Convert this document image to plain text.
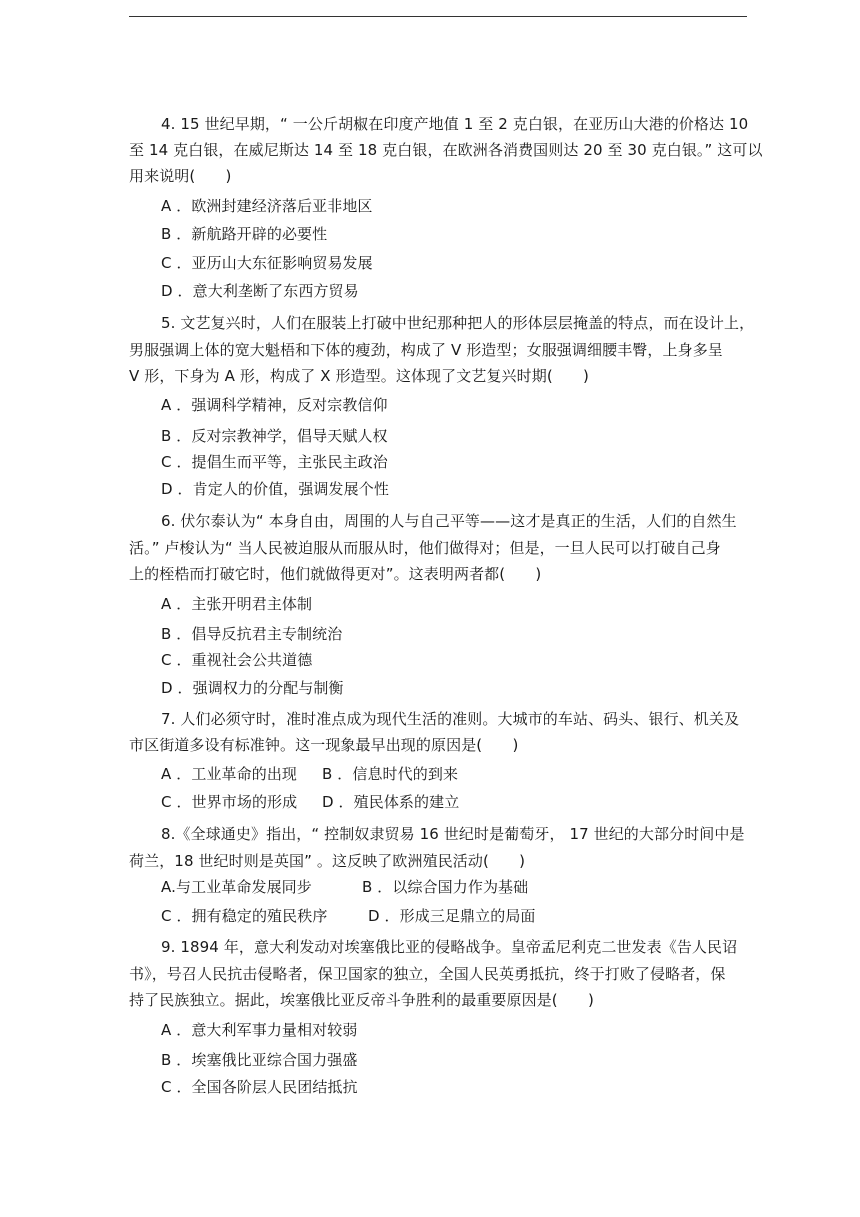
4. 15 世纪早期，“ 一公斤胡椒在印度产地值 1 至 2 克白银，在亚历山大港的价格达 10
至 14 克白银，在威尼斯达 14 至 18 克白银，在欧洲各消费国则达 20 至 30 克白银。” 这可以
用来说明(　　)
A ．欧洲封建经济落后亚非地区
B ．新航路开辟的必要性
C ．亚历山大东征影响贸易发展
D ．意大利垄断了东西方贸易
5. 文艺复兴时，人们在服装上打破中世纪那种把人的形体层层掩盖的特点，而在设计上，
男服强调上体的宽大魁梧和下体的瘦劲，构成了 V 形造型；女服强调细腰丰臀，上身多呈
V 形，下身为 A 形，构成了 X 形造型。这体现了文艺复兴时期(　　)
A ．强调科学精神，反对宗教信仰
B ．反对宗教神学，倡导天赋人权
C ．提倡生而平等，主张民主政治
D ．肯定人的价值，强调发展个性
6. 伏尔泰认为“ 本身自由，周围的人与自己平等——这才是真正的生活，人们的自然生
活。” 卢梭认为“ 当人民被迫服从而服从时，他们做得对；但是，一旦人民可以打破自己身
上的桎梏而打破它时，他们就做得更对”。这表明两者都(　　)
A ．主张开明君主体制
B ．倡导反抗君主专制统治
C ．重视社会公共道德
D ．强调权力的分配与制衡
7. 人们必须守时，准时准点成为现代生活的准则。大城市的车站、码头、银行、机关及
市区街道多设有标准钟。这一现象最早出现的原因是(　　)
A ．工业革命的出现 B ．信息时代的到来
C ．世界市场的形成 D ．殖民体系的建立
8.《全球通史》指出，“ 控制奴隶贸易 16 世纪时是葡萄牙， 17 世纪的大部分时间中是
荷兰，18 世纪时则是英国” 。这反映了欧洲殖民活动(　　)
A.与工业革命发展同步	B ．以综合国力作为基础
C ．拥有稳定的殖民秩序	D ．形成三足鼎立的局面
9. 1894 年，意大利发动对埃塞俄比亚的侵略战争。皇帝孟尼利克二世发表《告人民诏
书》，号召人民抗击侵略者，保卫国家的独立，全国人民英勇抵抗，终于打败了侵略者，保
持了民族独立。据此，埃塞俄比亚反帝斗争胜利的最重要原因是(　　)
A ．意大利军事力量相对较弱
B ．埃塞俄比亚综合国力强盛
C ．全国各阶层人民团结抵抗
